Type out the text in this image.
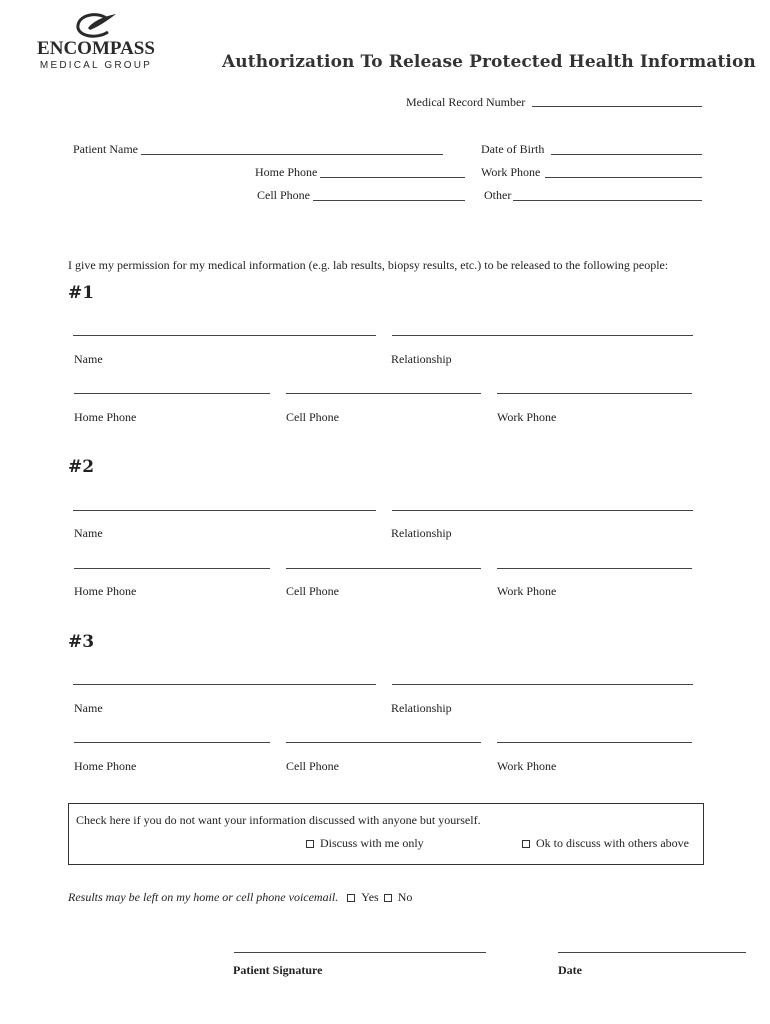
ENCOMPASS
MEDICAL GROUP	Authorization To Release Protected Health Information
Medical Record Number
Patient Name	Date of Birth
Home Phone	Work Phone
Cell Phone	Other
I give my permission for my medical information (e.g. lab results, biopsy results, etc.) to be released to the following people:
#1
Name	Relationship
Home Phone	Cell Phone	Work Phone
#2
Name	Relationship
Home Phone	Cell Phone	Work Phone
#3
Name	Relationship
Home Phone	Cell Phone	Work Phone
Check here if you do not want your information discussed with anyone but yourself.
Discuss with me only	Ok to discuss with others above
Results may be left on my home or cell phone voicemail. Yes No
Patient Signature	Date
